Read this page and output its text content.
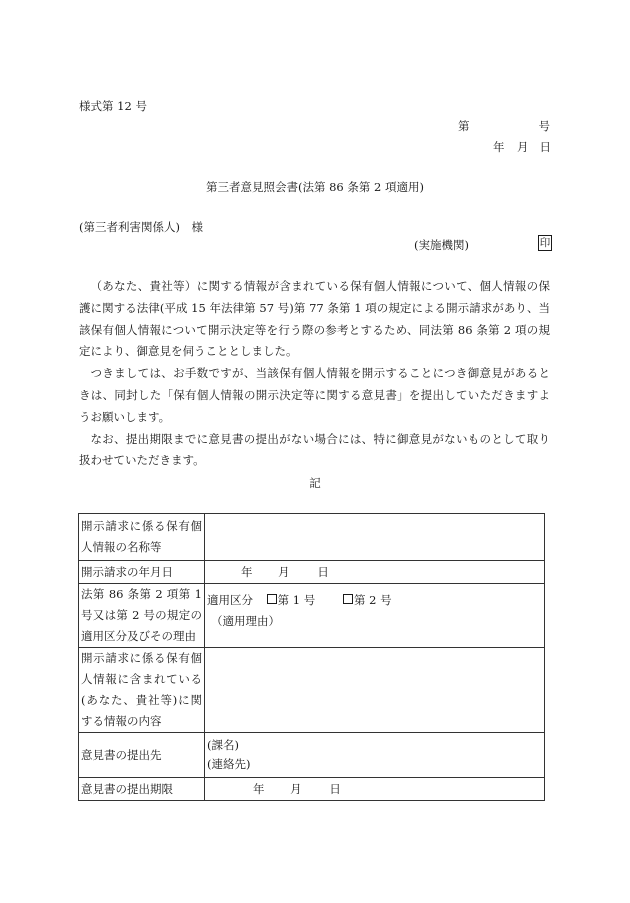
様式第 12 号
第	号
年 月 日
第三者意見照会書(法第 86 条第 2 項適用)
(第三者利害関係人)　様
(実施機関)	印

（あなた、貴社等）に関する情報が含まれている保有個人情報について、個人情報の保護に関する法律(平成 15 年法律第 57 号)第 77 条第 1 項の規定による開示請求があり、当該保有個人情報について開示決定等を行う際の参考とするため、同法第 86 条第 2 項の規定により、御意見を伺うこととしました。

つきましては、お手数ですが、当該保有個人情報を開示することにつき御意見があるときは、同封した「保有個人情報の開示決定等に関する意見書」を提出していただきますようお願いします。

なお、提出期限までに意見書の提出がない場合には、特に御意見がないものとして取り扱わせていただきます。

記
開示請求に係る保有個人情報の名称等	
開示請求の年月日	年 月 日
法第 86 条第 2 項第 1 号又は第 2 号の規定の適用区分及びその理由	適用区分 第 1 号 第 2 号
（適用理由）

開示請求に係る保有個人情報に含まれている(あなた、貴社等)に関する情報の内容	
意見書の提出先	(課名)
(連絡先)

意見書の提出期限	年 月 日
